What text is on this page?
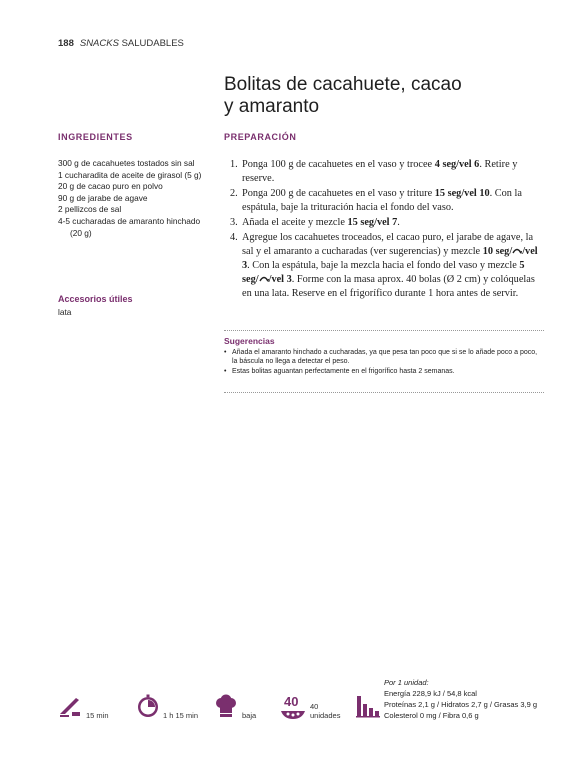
188 SNACKS SALUDABLES
Bolitas de cacahuete, cacao
y amaranto
INGREDIENTES
300 g de cacahuetes tostados sin sal
1 cucharadita de aceite de girasol (5 g)
20 g de cacao puro en polvo
90 g de jarabe de agave
2 pellizcos de sal
4-5 cucharadas de amaranto hinchado (20 g)
Accesorios útiles
lata
PREPARACIÓN
1. Ponga 100 g de cacahuetes en el vaso y trocee 4 seg/vel 6. Retire y reserve.
2. Ponga 200 g de cacahuetes en el vaso y triture 15 seg/vel 10. Con la espátula, baje la trituración hacia el fondo del vaso.
3. Añada el aceite y mezcle 15 seg/vel 7.
4. Agregue los cacahuetes troceados, el cacao puro, el jarabe de agave, la sal y el amaranto a cucharadas (ver sugerencias) y mezcle 10 seg/ /vel 3. Con la espátula, baje la mezcla hacia el fondo del vaso y mezcle 5 seg/ /vel 3. Forme con la masa aprox. 40 bolas (Ø 2 cm) y colóquelas en una lata. Reserve en el frigorífico durante 1 hora antes de servir.
Sugerencias
• Añada el amaranto hinchado a cucharadas, ya que pesa tan poco que si se lo añade poco a poco, la báscula no llega a detectar el peso.
• Estas bolitas aguantan perfectamente en el frigorífico hasta 2 semanas.
15 min	1 h 15 min	baja
40 40
unidades
Por 1 unidad:
Energía 228,9 kJ / 54,8 kcal
Proteínas 2,1 g / Hidratos 2,7 g / Grasas 3,9 g
Colesterol 0 mg / Fibra 0,6 g
